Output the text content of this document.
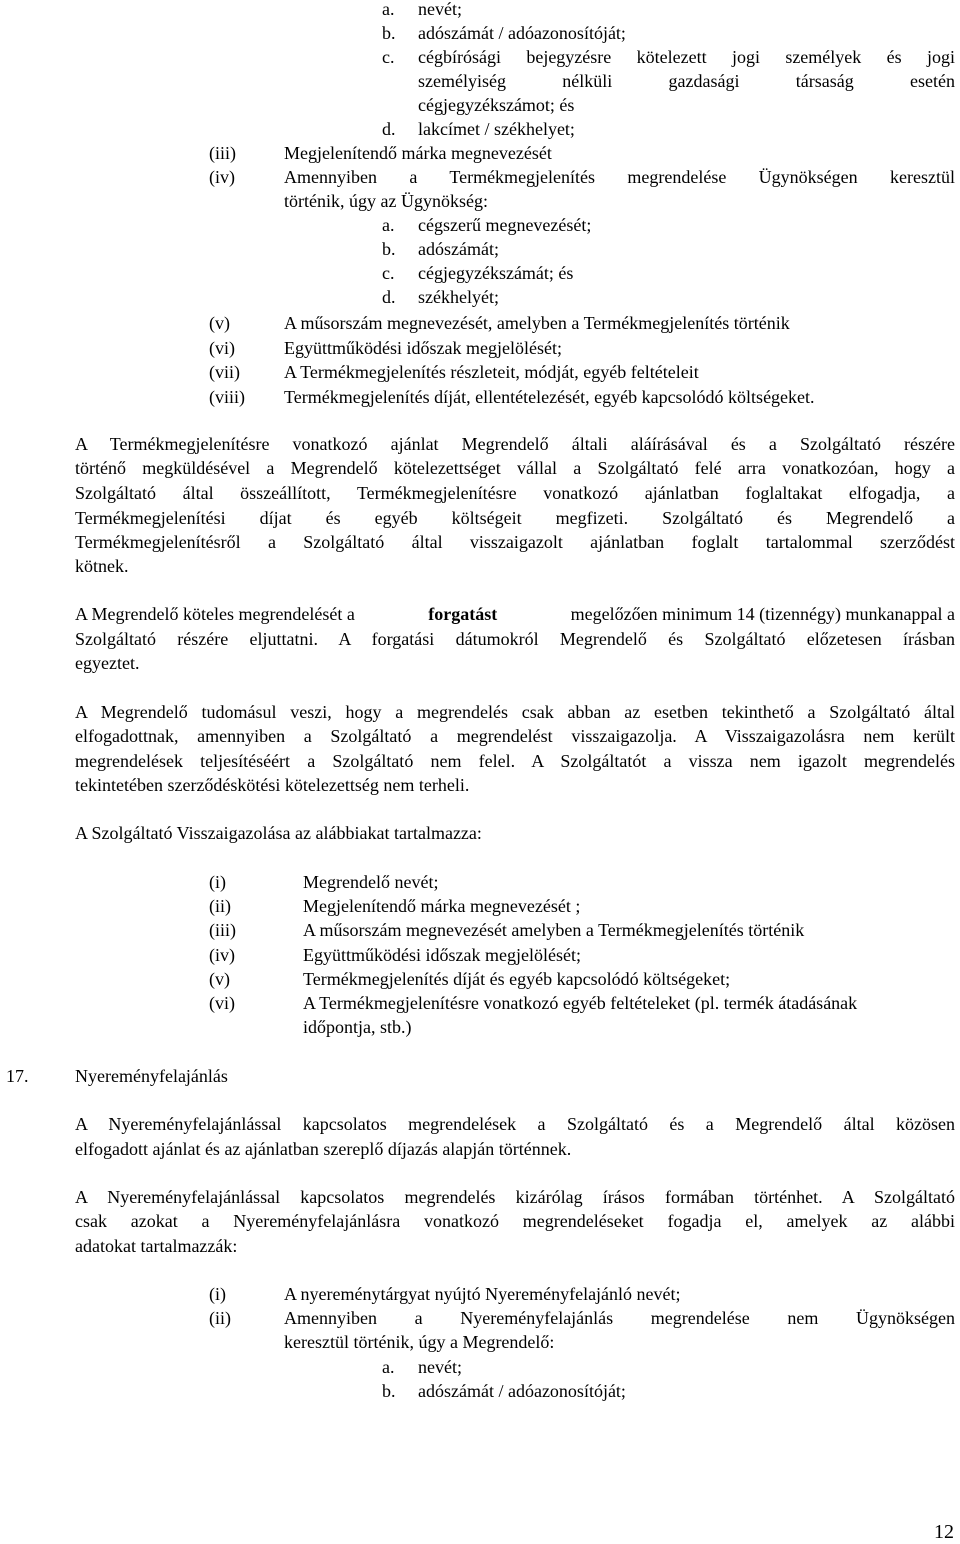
a. nevét;
b. adószámát / adóazonosítóját;
c. cégbírósági bejegyzésre kötelezett jogi személyek és jogi
személyiség nélküli gazdasági társaság esetén
cégjegyzékszámot; és
d. lakcímet / székhelyet;
(iii)	Megjelenítendő márka megnevezését
(iv)	Amennyiben a Termékmegjelenítés megrendelése Ügynökségen keresztül
történik, úgy az Ügynökség:
a. cégszerű megnevezését;
b. adószámát;
c. cégjegyzékszámát; és
d. székhelyét;
(v)	A műsorszám megnevezését, amelyben a Termékmegjelenítés történik
(vi)	Együttműködési időszak megjelölését;
(vii) A Termékmegjelenítés részleteit, módját, egyéb feltételeit
(viii) Termékmegjelenítés díját, ellentételezését, egyéb kapcsolódó költségeket.
A Termékmegjelenítésre vonatkozó ajánlat Megrendelő általi aláírásával és a Szolgáltató részére
történő megküldésével a Megrendelő kötelezettséget vállal a Szolgáltató felé arra vonatkozóan, hogy a
Szolgáltató által összeállított, Termékmegjelenítésre vonatkozó ajánlatban foglaltakat elfogadja, a
Termékmegjelenítési díjat és egyéb költségeit megfizeti. Szolgáltató és Megrendelő a
Termékmegjelenítésről a Szolgáltató által visszaigazolt ajánlatban foglalt tartalommal szerződést
kötnek.
A Megrendelő köteles megrendelését a	forgatást	megelőzően minimum 14 (tizennégy) munkanappal a
Szolgáltató részére eljuttatni. A forgatási dátumokról Megrendelő és Szolgáltató előzetesen írásban
egyeztet.
A Megrendelő tudomásul veszi, hogy a megrendelés csak abban az esetben tekinthető a Szolgáltató által
elfogadottnak, amennyiben a Szolgáltató a megrendelést visszaigazolja. A Visszaigazolásra nem került
megrendelések teljesítéséért a Szolgáltató nem felel. A Szolgáltatót a vissza nem igazolt megrendelés
tekintetében szerződéskötési kötelezettség nem terheli.
A Szolgáltató Visszaigazolása az alábbiakat tartalmazza:
(i)	Megrendelő nevét;
(ii)	Megjelenítendő márka megnevezését ;
(iii)	A műsorszám megnevezését amelyben a Termékmegjelenítés történik
(iv)	Együttműködési időszak megjelölését;
(v)	Termékmegjelenítés díját és egyéb kapcsolódó költségeket;
(vi)	A Termékmegjelenítésre vonatkozó egyéb feltételeket (pl. termék átadásának
időpontja, stb.)
17.	Nyereményfelajánlás
A Nyereményfelajánlással kapcsolatos megrendelések a Szolgáltató és a Megrendelő által közösen
elfogadott ajánlat és az ajánlatban szereplő díjazás alapján történnek.
A Nyereményfelajánlással kapcsolatos megrendelés kizárólag írásos formában történhet. A Szolgáltató
csak azokat a Nyereményfelajánlásra vonatkozó megrendeléseket fogadja el, amelyek az alábbi
adatokat tartalmazzák:
(i)	A nyereménytárgyat nyújtó Nyereményfelajánló nevét;
(ii)	Amennyiben a Nyereményfelajánlás megrendelése nem Ügynökségen
keresztül történik, úgy a Megrendelő:
a. nevét;
b. adószámát / adóazonosítóját;
12
